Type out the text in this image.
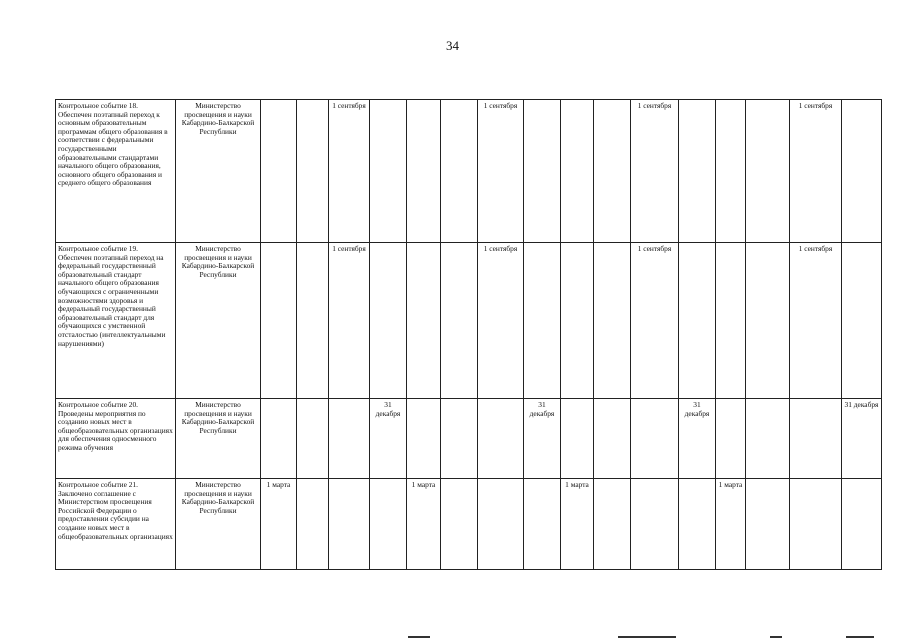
34
Контрольное событие 18. Обеспечен поэтапный переход к основным образовательным программам общего образования в соответствии с федеральными государственными образовательными стандартами начального общего образования, основного общего образования и среднего общего образования	Министерство просвещения и науки Кабардино-Балкарской Республики			1 сентября				1 сентября				1 сентября				1 сентября	
Контрольное событие 19. Обеспечен поэтапный переход на федеральный государственный образовательный стандарт начального общего образования обучающихся с ограниченными возможностями здоровья и федеральный государственный образовательный стандарт для обучающихся с умственной отсталостью (интеллектуальными нарушениями)	Министерство просвещения и науки Кабардино-Балкарской Республики			1 сентября				1 сентября				1 сентября				1 сентября	
Контрольное событие 20. Проведены мероприятия по созданию новых мест в общеобразовательных организациях для обеспечения односменного режима обучения	Министерство просвещения и науки Кабардино-Балкарской Республики				31 декабря				31 декабря				31 декабря				31 декабря
Контрольное событие 21. Заключено соглашение с Министерством просвещения Российской Федерации о предоставлении субсидии на создание новых мест в общеобразовательных организациях	Министерство просвещения и науки Кабардино-Балкарской Республики	1 марта				1 марта				1 марта				1 марта			
